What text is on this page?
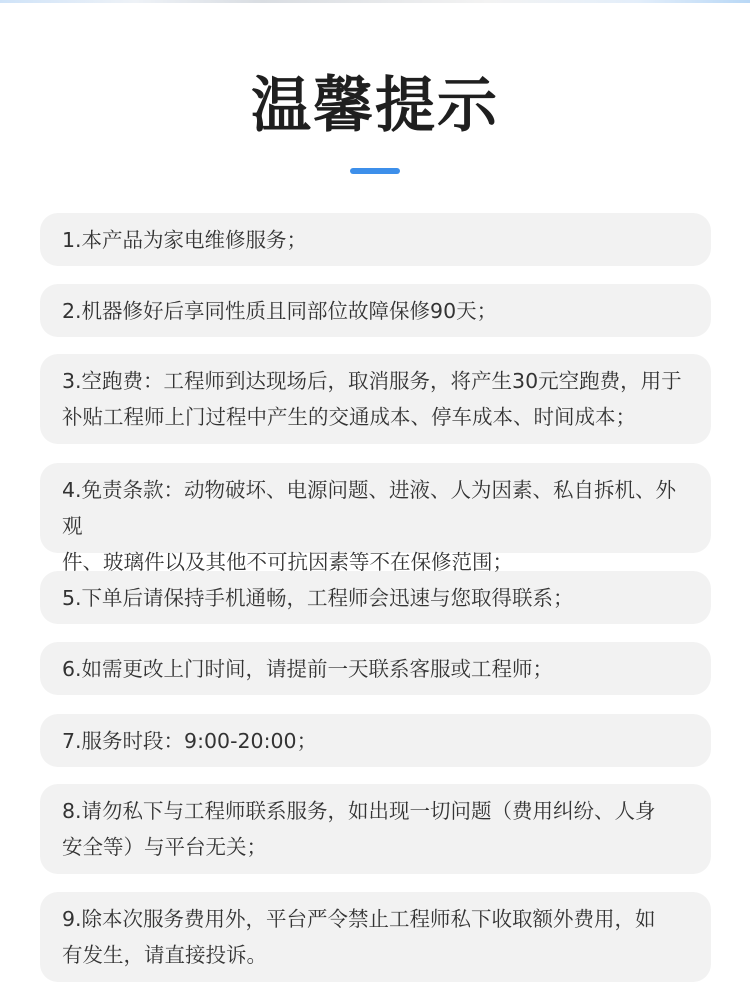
温馨提示
1.本产品为家电维修服务；
2.机器修好后享同性质且同部位故障保修90天；
3.空跑费：工程师到达现场后，取消服务，将产生30元空跑费，用于
补贴工程师上门过程中产生的交通成本、停车成本、时间成本；
4.免责条款：动物破坏、电源问题、进液、人为因素、私自拆机、外观
件、玻璃件以及其他不可抗因素等不在保修范围；
5.下单后请保持手机通畅，工程师会迅速与您取得联系；
6.如需更改上门时间，请提前一天联系客服或工程师；
7.服务时段：9:00-20:00；
8.请勿私下与工程师联系服务，如出现一切问题（费用纠纷、人身
安全等）与平台无关；
9.除本次服务费用外，平台严令禁止工程师私下收取额外费用，如
有发生，请直接投诉。
